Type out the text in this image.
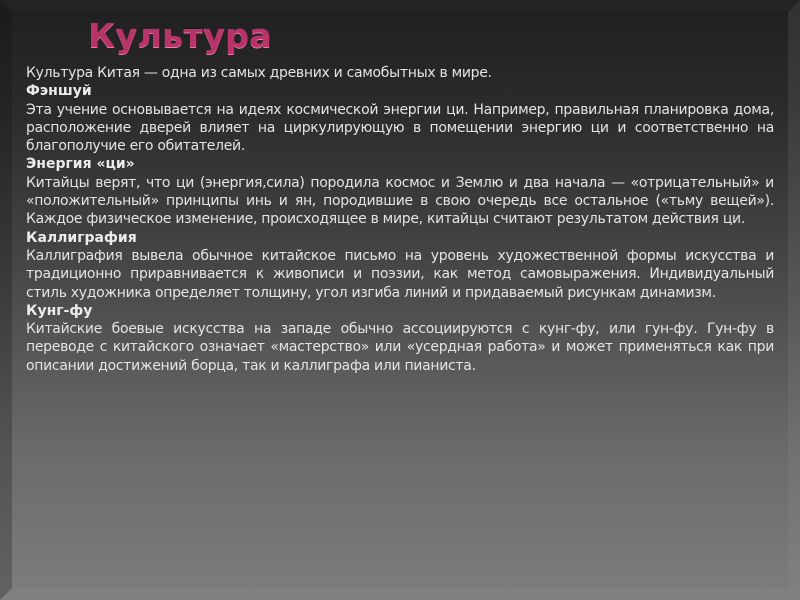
Культура

Культура Китая — одна из самых древних и самобытных в мире.

Фэншуй

Эта учение основывается на идеях космической энергии ци. Например, правильная планировка дома, расположение дверей влияет на циркулирующую в помещении энергию ци и соответственно на благополучие его обитателей.

Энергия «ци»

Китайцы верят, что ци (энергия,сила) породила космос и Землю и два начала — «отрицательный» и «положительный» принципы инь и ян, породившие в свою очередь все остальное («тьму вещей»). Каждое физическое изменение, происходящее в мире, китайцы считают результатом действия ци.

Каллиграфия

Каллиграфия вывела обычное китайское письмо на уровень художественной формы искусства и традиционно приравнивается к живописи и поэзии, как метод самовыражения. Индивидуальный стиль художника определяет толщину, угол изгиба линий и придаваемый рисункам динамизм.

Кунг-фу

Китайские боевые искусства на западе обычно ассоциируются с кунг-фу, или гун-фу. Гун-фу в переводе с китайского означает «мастерство» или «усердная работа» и может применяться как при описании достижений борца, так и каллиграфа или пианиста.
